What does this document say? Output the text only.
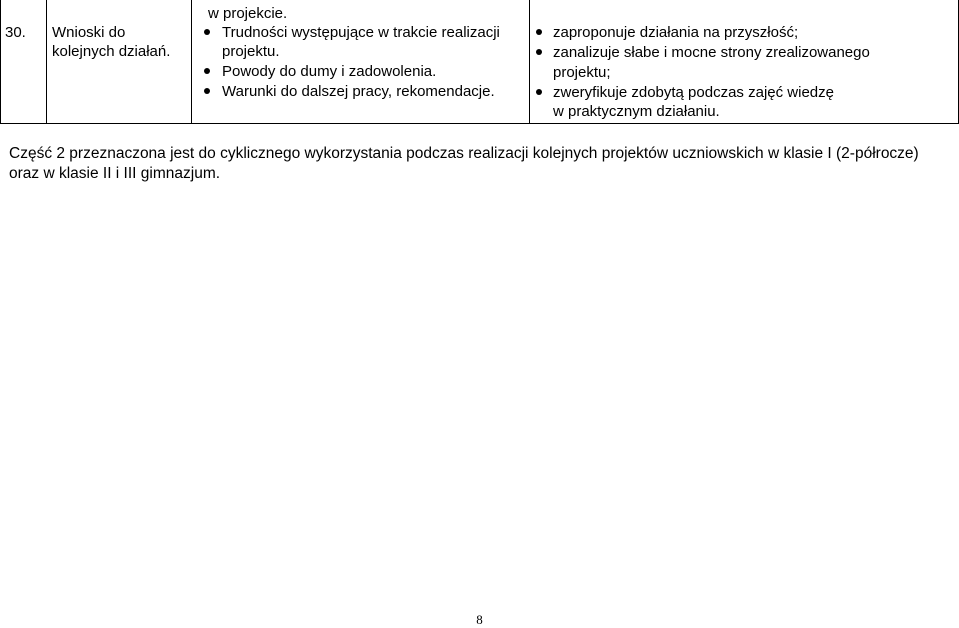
30. Wnioski do
kolejnych działań.
w projekcie.
Trudności występujące w trakcie realizacji
projektu.
Powody do dumy i zadowolenia.
Warunki do dalszej pracy, rekomendacje.
zaproponuje działania na przyszłość;
zanalizuje słabe i mocne strony zrealizowanego
projektu;
zweryfikuje zdobytą podczas zajęć wiedzę
w praktycznym działaniu.
Część 2 przeznaczona jest do cyklicznego wykorzystania podczas realizacji kolejnych projektów uczniowskich w klasie I (2-półrocze) oraz w klasie II i III gimnazjum.
8
